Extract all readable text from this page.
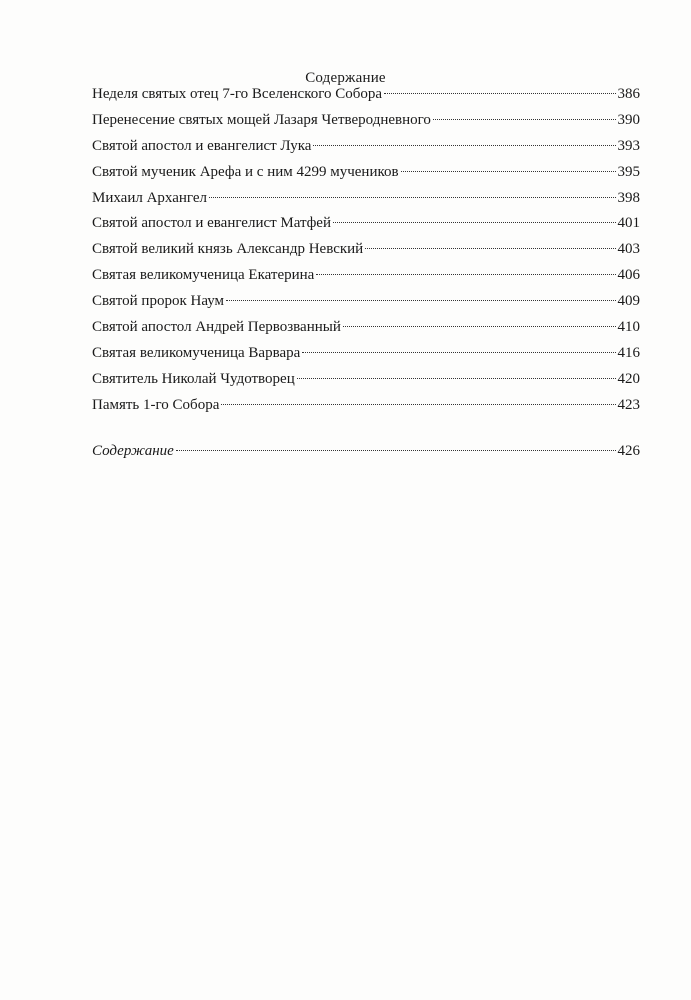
Содержание
Неделя святых отец 7-го Вселенского Собора	386
Перенесение святых мощей Лазаря Четверодневного	390
Святой апостол и евангелист Лука	393
Святой мученик Арефа и с ним 4299 мучеников	395
Михаил Архангел	398
Святой апостол и евангелист Матфей	401
Святой великий князь Александр Невский	403
Святая великомученица Екатерина	406
Святой пророк Наум	409
Святой апостол Андрей Первозванный	410
Святая великомученица Варвара	416
Святитель Николай Чудотворец	420
Память 1-го Собора	423
Содержание	426
